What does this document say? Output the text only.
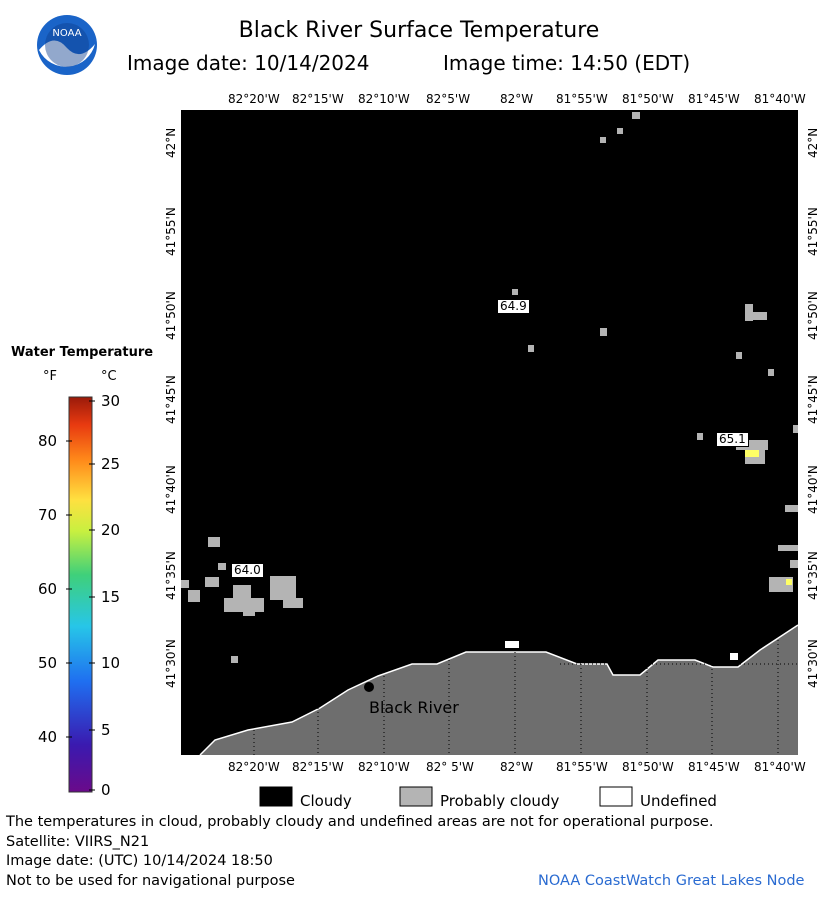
Black River Surface Temperature
Image date: 10/14/2024	Image time: 14:50 (EDT)
NOAA
82°20'W 82°15'W 82°10'W 82°5'W 82°W 81°55'W 81°50'W 81°45'W 81°40'W
82°20'W 82°15'W 82°10'W 82° 5'W 82°W 81°55'W 81°50'W 81°45'W 81°40'W
42°N
41°55'N
41°50'N
41°45'N
41°40'N
41°35'N
41°30'N
42°N
41°55'N
41°50'N
41°45'N
41°40'N
41°35'N
41°30'N
64.9
65.1
64.0
Black River
Water Temperature
°F	°C
80
70
60
50
40
30
25
20
15
10
5
0
Cloudy	Probably cloudy	Undefined
The temperatures in cloud, probably cloudy and undefined areas are not for operational purpose.
Satellite: VIIRS_N21
Image date: (UTC) 10/14/2024 18:50
Not to be used for navigational purpose	NOAA CoastWatch Great Lakes Node
